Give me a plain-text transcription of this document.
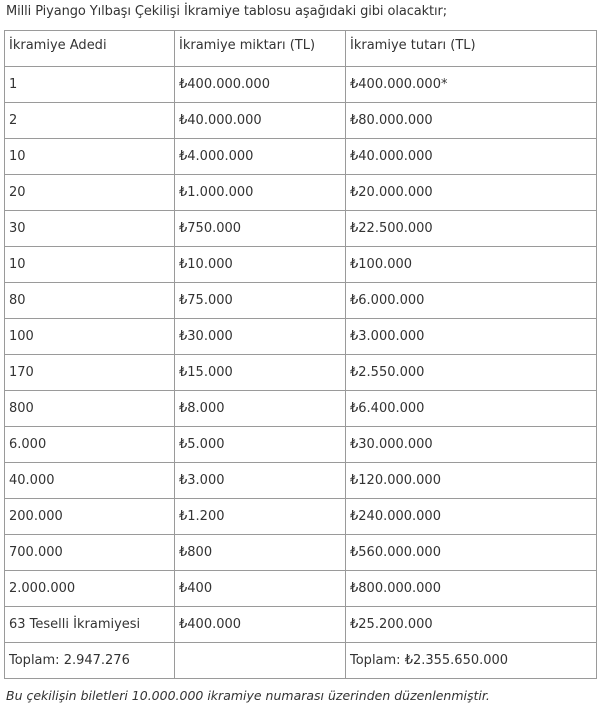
Milli Piyango Yılbaşı Çekilişi İkramiye tablosu aşağıdaki gibi olacaktır;
İkramiye Adedi	İkramiye miktarı (TL)	İkramiye tutarı (TL)
1	₺400.000.000	₺400.000.000*
2	₺40.000.000	₺80.000.000
10	₺4.000.000	₺40.000.000
20	₺1.000.000	₺20.000.000
30	₺750.000	₺22.500.000
10	₺10.000	₺100.000
80	₺75.000	₺6.000.000
100	₺30.000	₺3.000.000
170	₺15.000	₺2.550.000
800	₺8.000	₺6.400.000
6.000	₺5.000	₺30.000.000
40.000	₺3.000	₺120.000.000
200.000	₺1.200	₺240.000.000
700.000	₺800	₺560.000.000
2.000.000	₺400	₺800.000.000
63 Teselli İkramiyesi	₺400.000	₺25.200.000
Toplam: 2.947.276		Toplam: ₺2.355.650.000
Bu çekilişin biletleri 10.000.000 ikramiye numarası üzerinden düzenlenmiştir.
